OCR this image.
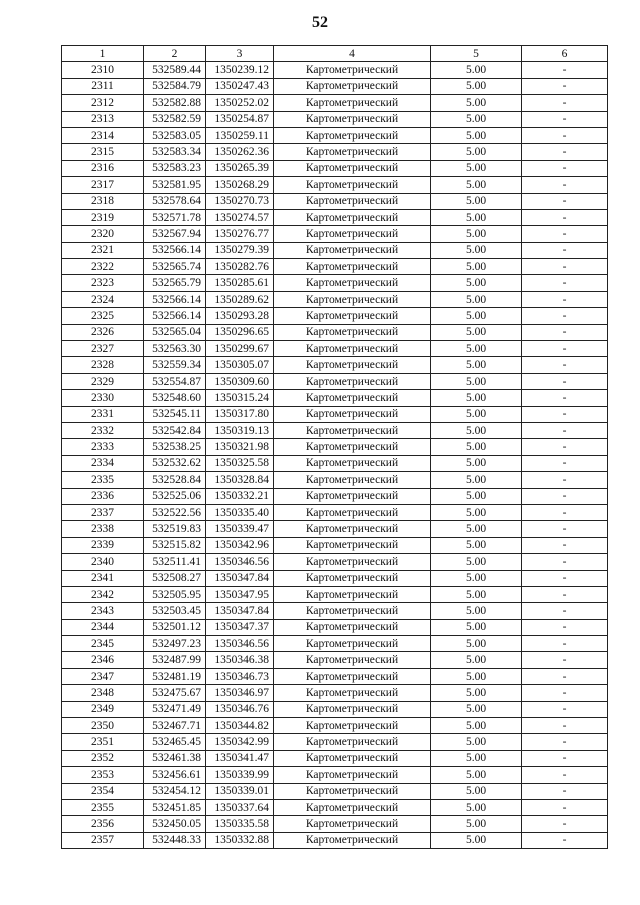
52
1	2	3	4	5	6
2310	532589.44	1350239.12	Картометрический	5.00	-
2311	532584.79	1350247.43	Картометрический	5.00	-
2312	532582.88	1350252.02	Картометрический	5.00	-
2313	532582.59	1350254.87	Картометрический	5.00	-
2314	532583.05	1350259.11	Картометрический	5.00	-
2315	532583.34	1350262.36	Картометрический	5.00	-
2316	532583.23	1350265.39	Картометрический	5.00	-
2317	532581.95	1350268.29	Картометрический	5.00	-
2318	532578.64	1350270.73	Картометрический	5.00	-
2319	532571.78	1350274.57	Картометрический	5.00	-
2320	532567.94	1350276.77	Картометрический	5.00	-
2321	532566.14	1350279.39	Картометрический	5.00	-
2322	532565.74	1350282.76	Картометрический	5.00	-
2323	532565.79	1350285.61	Картометрический	5.00	-
2324	532566.14	1350289.62	Картометрический	5.00	-
2325	532566.14	1350293.28	Картометрический	5.00	-
2326	532565.04	1350296.65	Картометрический	5.00	-
2327	532563.30	1350299.67	Картометрический	5.00	-
2328	532559.34	1350305.07	Картометрический	5.00	-
2329	532554.87	1350309.60	Картометрический	5.00	-
2330	532548.60	1350315.24	Картометрический	5.00	-
2331	532545.11	1350317.80	Картометрический	5.00	-
2332	532542.84	1350319.13	Картометрический	5.00	-
2333	532538.25	1350321.98	Картометрический	5.00	-
2334	532532.62	1350325.58	Картометрический	5.00	-
2335	532528.84	1350328.84	Картометрический	5.00	-
2336	532525.06	1350332.21	Картометрический	5.00	-
2337	532522.56	1350335.40	Картометрический	5.00	-
2338	532519.83	1350339.47	Картометрический	5.00	-
2339	532515.82	1350342.96	Картометрический	5.00	-
2340	532511.41	1350346.56	Картометрический	5.00	-
2341	532508.27	1350347.84	Картометрический	5.00	-
2342	532505.95	1350347.95	Картометрический	5.00	-
2343	532503.45	1350347.84	Картометрический	5.00	-
2344	532501.12	1350347.37	Картометрический	5.00	-
2345	532497.23	1350346.56	Картометрический	5.00	-
2346	532487.99	1350346.38	Картометрический	5.00	-
2347	532481.19	1350346.73	Картометрический	5.00	-
2348	532475.67	1350346.97	Картометрический	5.00	-
2349	532471.49	1350346.76	Картометрический	5.00	-
2350	532467.71	1350344.82	Картометрический	5.00	-
2351	532465.45	1350342.99	Картометрический	5.00	-
2352	532461.38	1350341.47	Картометрический	5.00	-
2353	532456.61	1350339.99	Картометрический	5.00	-
2354	532454.12	1350339.01	Картометрический	5.00	-
2355	532451.85	1350337.64	Картометрический	5.00	-
2356	532450.05	1350335.58	Картометрический	5.00	-
2357	532448.33	1350332.88	Картометрический	5.00	-
